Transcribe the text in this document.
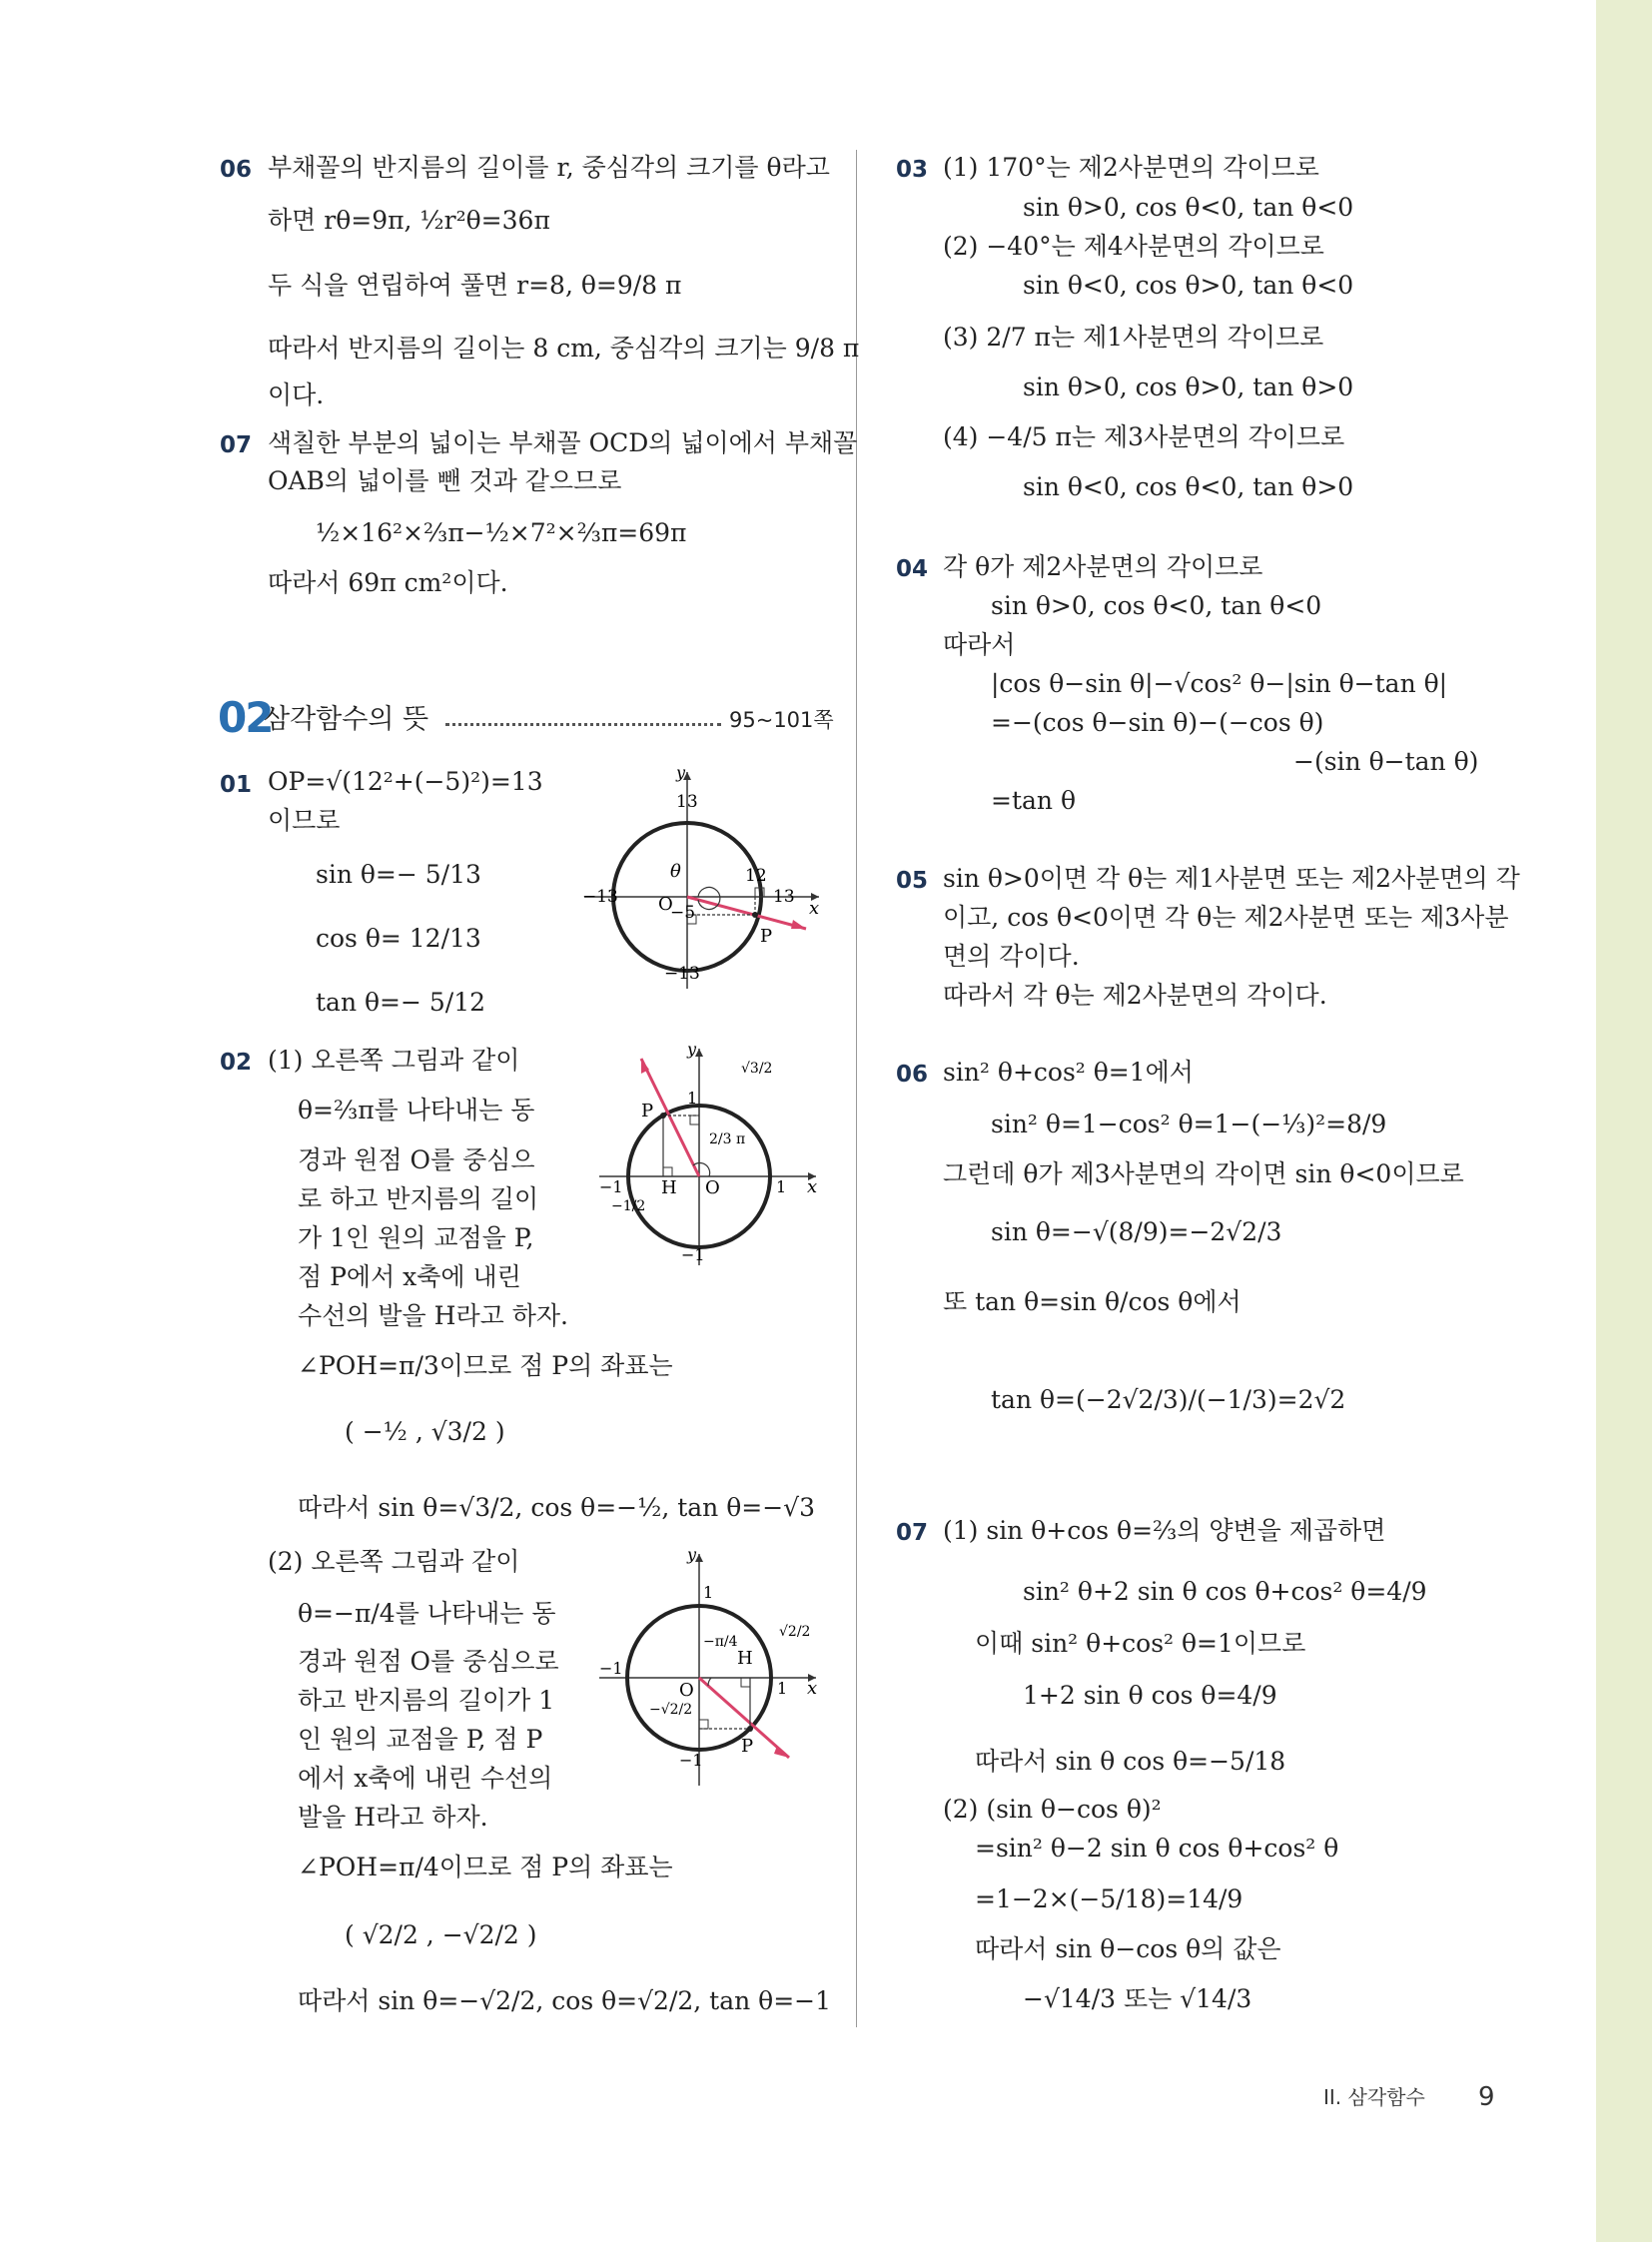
06 부채꼴의 반지름의 길이를 r, 중심각의 크기를 θ라고
하면 rθ=9π, ½r²θ=36π
두 식을 연립하여 풀면 r=8, θ=9/8 π
따라서 반지름의 길이는 8 cm, 중심각의 크기는 9/8 π
이다.
07 색칠한 부분의 넓이는 부채꼴 OCD의 넓이에서 부채꼴
OAB의 넓이를 뺀 것과 같으므로
½×16²×⅔π−½×7²×⅔π=69π
따라서 69π cm²이다.
02
삼각함수의 뜻	95~101쪽
01 OP=√(12²+(−5)²)=13
이므로
sin θ=− 5/13
cos θ= 12/13
tan θ=− 5/12
y
x
13
−13
−13	13
O
θ	12
−5
P
02 (1) 오른쪽 그림과 같이
θ=⅔π를 나타내는 동
경과 원점 O를 중심으
로 하고 반지름의 길이
가 1인 원의 교점을 P,
점 P에서 x축에 내린
수선의 발을 H라고 하자.
∠POH=π/3이므로 점 P의 좌표는
( −½ , √3/2 )
따라서 sin θ=√3/2, cos θ=−½, tan θ=−√3
y
x
1
1
−1
−1
O
H
P
√3/2
2/3 π
−1/2
(2) 오른쪽 그림과 같이
θ=−π/4를 나타내는 동
경과 원점 O를 중심으로
하고 반지름의 길이가 1
인 원의 교점을 P, 점 P
에서 x축에 내린 수선의
발을 H라고 하자.
∠POH=π/4이므로 점 P의 좌표는
( √2/2 , −√2/2 )
따라서 sin θ=−√2/2, cos θ=√2/2, tan θ=−1
y
x
1
1
−1
−1
O
H
P
√2/2
−π/4
−√2/2
03 (1) 170°는 제2사분면의 각이므로
sin θ>0, cos θ<0, tan θ<0
(2) −40°는 제4사분면의 각이므로
sin θ<0, cos θ>0, tan θ<0
(3) 2/7 π는 제1사분면의 각이므로
sin θ>0, cos θ>0, tan θ>0
(4) −4/5 π는 제3사분면의 각이므로
sin θ<0, cos θ<0, tan θ>0
04 각 θ가 제2사분면의 각이므로
sin θ>0, cos θ<0, tan θ<0
따라서
|cos θ−sin θ|−√cos² θ−|sin θ−tan θ|
=−(cos θ−sin θ)−(−cos θ)
−(sin θ−tan θ)
=tan θ
05 sin θ>0이면 각 θ는 제1사분면 또는 제2사분면의 각
이고, cos θ<0이면 각 θ는 제2사분면 또는 제3사분
면의 각이다.
따라서 각 θ는 제2사분면의 각이다.
06 sin² θ+cos² θ=1에서
sin² θ=1−cos² θ=1−(−⅓)²=8/9
그런데 θ가 제3사분면의 각이면 sin θ<0이므로
sin θ=−√(8/9)=−2√2/3
또 tan θ=sin θ/cos θ에서
tan θ=(−2√2/3)/(−1/3)=2√2
07 (1) sin θ+cos θ=⅔의 양변을 제곱하면
sin² θ+2 sin θ cos θ+cos² θ=4/9
이때 sin² θ+cos² θ=1이므로
1+2 sin θ cos θ=4/9
따라서 sin θ cos θ=−5/18
(2) (sin θ−cos θ)²
=sin² θ−2 sin θ cos θ+cos² θ
=1−2×(−5/18)=14/9
따라서 sin θ−cos θ의 값은
−√14/3 또는 √14/3
II. 삼각함수 9
